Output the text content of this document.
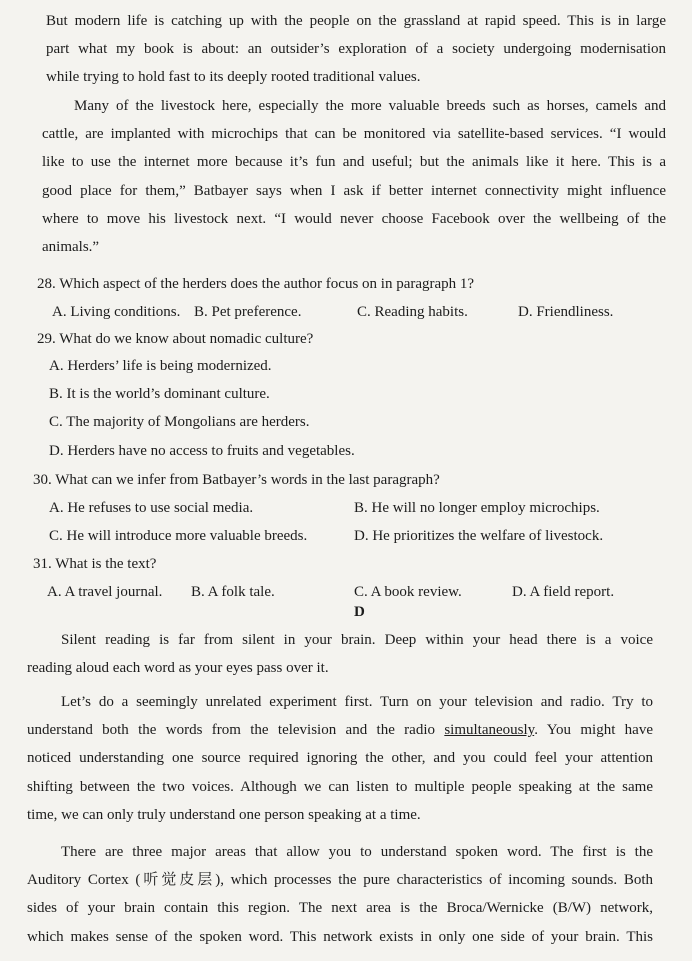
But modern life is catching up with the people on the grassland at rapid speed. This is in large
part what my book is about: an outsider’s exploration of a society undergoing modernisation
while trying to hold fast to its deeply rooted traditional values.
Many of the livestock here, especially the more valuable breeds such as horses, camels and
cattle, are implanted with microchips that can be monitored via satellite-based services. “I would
like to use the internet more because it’s fun and useful; but the animals like it here. This is a
good place for them,” Batbayer says when I ask if better internet connectivity might influence
where to move his livestock next. “I would never choose Facebook over the wellbeing of the
animals.”
28. Which aspect of the herders does the author focus on in paragraph 1?
A. Living conditions. B. Pet preference.	C. Reading habits.	D. Friendliness.
29. What do we know about nomadic culture?
A. Herders’ life is being modernized.
B. It is the world’s dominant culture.
C. The majority of Mongolians are herders.
D. Herders have no access to fruits and vegetables.
30. What can we infer from Batbayer’s words in the last paragraph?
A. He refuses to use social media.	B. He will no longer employ microchips.
C. He will introduce more valuable breeds.	D. He prioritizes the welfare of livestock.
31. What is the text?
A. A travel journal. B. A folk tale.	C. A book review.	D. A field report.
D
Silent reading is far from silent in your brain. Deep within your head there is a voice
reading aloud each word as your eyes pass over it.
Let’s do a seemingly unrelated experiment first. Turn on your television and radio. Try to
understand both the words from the television and the radio simultaneously. You might have
noticed understanding one source required ignoring the other, and you could feel your attention
shifting between the two voices. Although we can listen to multiple people speaking at the same
time, we can only truly understand one person speaking at a time.
There are three major areas that allow you to understand spoken word. The first is the
Auditory Cortex (听觉皮层), which processes the pure characteristics of incoming sounds. Both
sides of your brain contain this region. The next area is the Broca/Wernicke (B/W) network,
which makes sense of the spoken word. This network exists in only one side of your brain. This
